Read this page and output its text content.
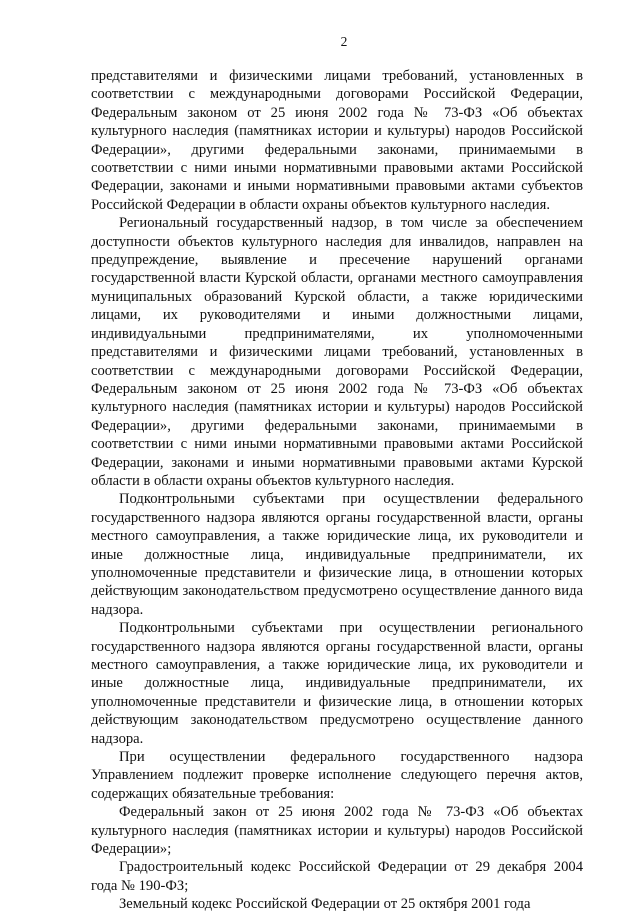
2

представителями и физическими лицами требований, установленных в соответствии с международными договорами Российской Федерации, Федеральным законом от 25 июня 2002 года № 73-ФЗ «Об объектах культурного наследия (памятниках истории и культуры) народов Российской Федерации», другими федеральными законами, принимаемыми в соответствии с ними иными нормативными правовыми актами Российской Федерации, законами и иными нормативными правовыми актами субъектов Российской Федерации в области охраны объектов культурного наследия.

Региональный государственный надзор, в том числе за обеспечением доступности объектов культурного наследия для инвалидов, направлен на предупреждение, выявление и пресечение нарушений органами государственной власти Курской области, органами местного самоуправления муниципальных образований Курской области, а также юридическими лицами, их руководителями и иными должностными лицами, индивидуальными предпринимателями, их уполномоченными представителями и физическими лицами требований, установленных в соответствии с международными договорами Российской Федерации, Федеральным законом от 25 июня 2002 года № 73-ФЗ «Об объектах культурного наследия (памятниках истории и культуры) народов Российской Федерации», другими федеральными законами, принимаемыми в соответствии с ними иными нормативными правовыми актами Российской Федерации, законами и иными нормативными правовыми актами Курской области в области охраны объектов культурного наследия.

Подконтрольными субъектами при осуществлении федерального государственного надзора являются органы государственной власти, органы местного самоуправления, а также юридические лица, их руководители и иные должностные лица, индивидуальные предприниматели, их уполномоченные представители и физические лица, в отношении которых действующим законодательством предусмотрено осуществление данного вида надзора.

Подконтрольными субъектами при осуществлении регионального государственного надзора являются органы государственной власти, органы местного самоуправления, а также юридические лица, их руководители и иные должностные лица, индивидуальные предприниматели, их уполномоченные представители и физические лица, в отношении которых действующим законодательством предусмотрено осуществление данного надзора.

При осуществлении федерального государственного надзора Управлением подлежит проверке исполнение следующего перечня актов, содержащих обязательные требования:

Федеральный закон от 25 июня 2002 года № 73-ФЗ «Об объектах культурного наследия (памятниках истории и культуры) народов Российской Федерации»;

Градостроительный кодекс Российской Федерации от 29 декабря 2004 года № 190-ФЗ;

Земельный кодекс Российской Федерации от 25 октября 2001 года
